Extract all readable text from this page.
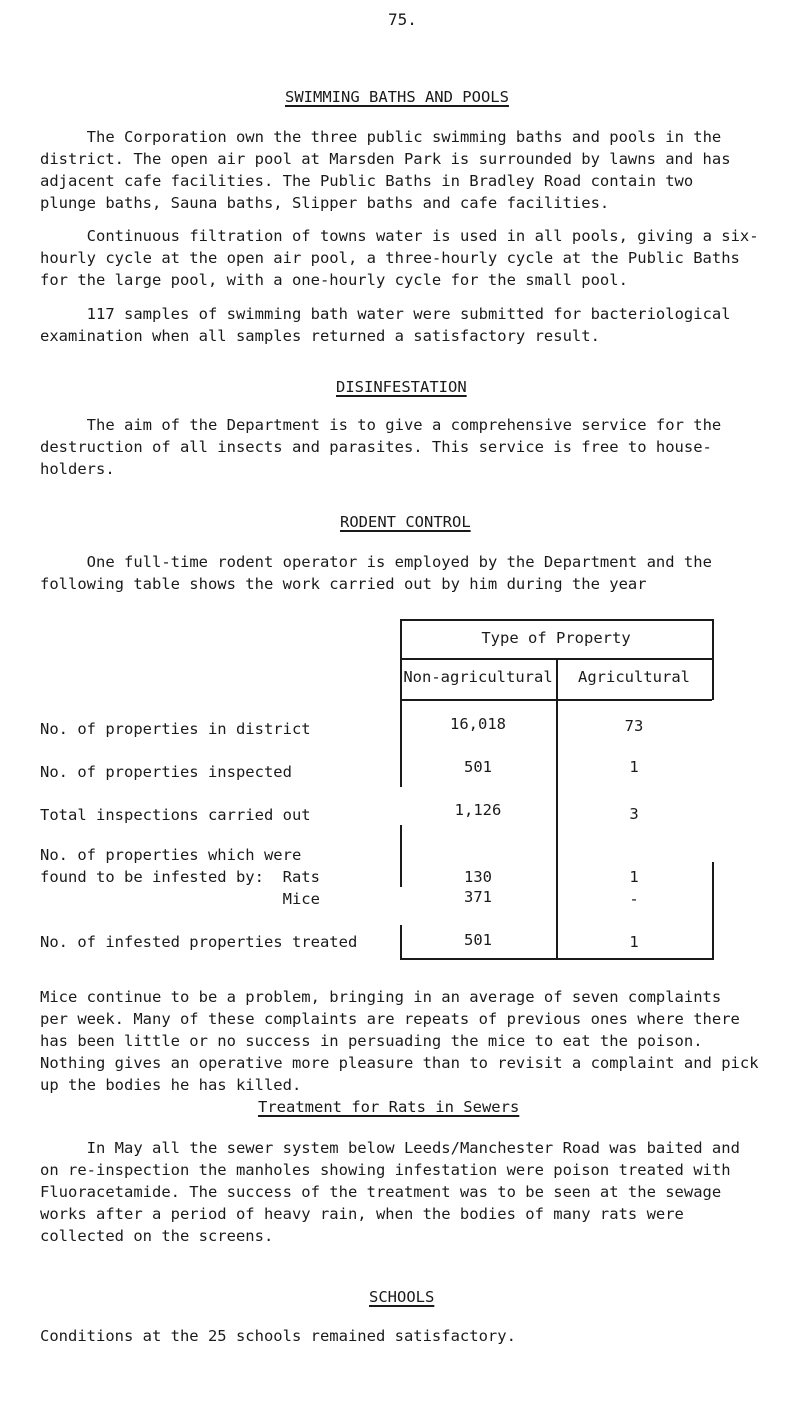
75.
SWIMMING BATHS AND POOLS
The Corporation own the three public swimming baths and pools in the
district. The open air pool at Marsden Park is surrounded by lawns and has
adjacent cafe facilities. The Public Baths in Bradley Road contain two
plunge baths, Sauna baths, Slipper baths and cafe facilities.
Continuous filtration of towns water is used in all pools, giving a six-
hourly cycle at the open air pool, a three-hourly cycle at the Public Baths
for the large pool, with a one-hourly cycle for the small pool.
117 samples of swimming bath water were submitted for bacteriological
examination when all samples returned a satisfactory result.
DISINFESTATION
The aim of the Department is to give a comprehensive service for the
destruction of all insects and parasites. This service is free to house-
holders.
RODENT CONTROL
One full-time rodent operator is employed by the Department and the
following table shows the work carried out by him during the year
Type of Property
Non-agricultural	Agricultural
No. of properties in district	16,018	73
No. of properties inspected	501	1
Total inspections carried out	1,126	3
No. of properties which were
found to be infested by:  Rats	130	1
Mice	371	-
No. of infested properties treated	501	1
Mice continue to be a problem, bringing in an average of seven complaints
per week. Many of these complaints are repeats of previous ones where there
has been little or no success in persuading the mice to eat the poison.
Nothing gives an operative more pleasure than to revisit a complaint and pick
up the bodies he has killed.
Treatment for Rats in Sewers
In May all the sewer system below Leeds/Manchester Road was baited and
on re-inspection the manholes showing infestation were poison treated with
Fluoracetamide. The success of the treatment was to be seen at the sewage
works after a period of heavy rain, when the bodies of many rats were
collected on the screens.
SCHOOLS
Conditions at the 25 schools remained satisfactory.
